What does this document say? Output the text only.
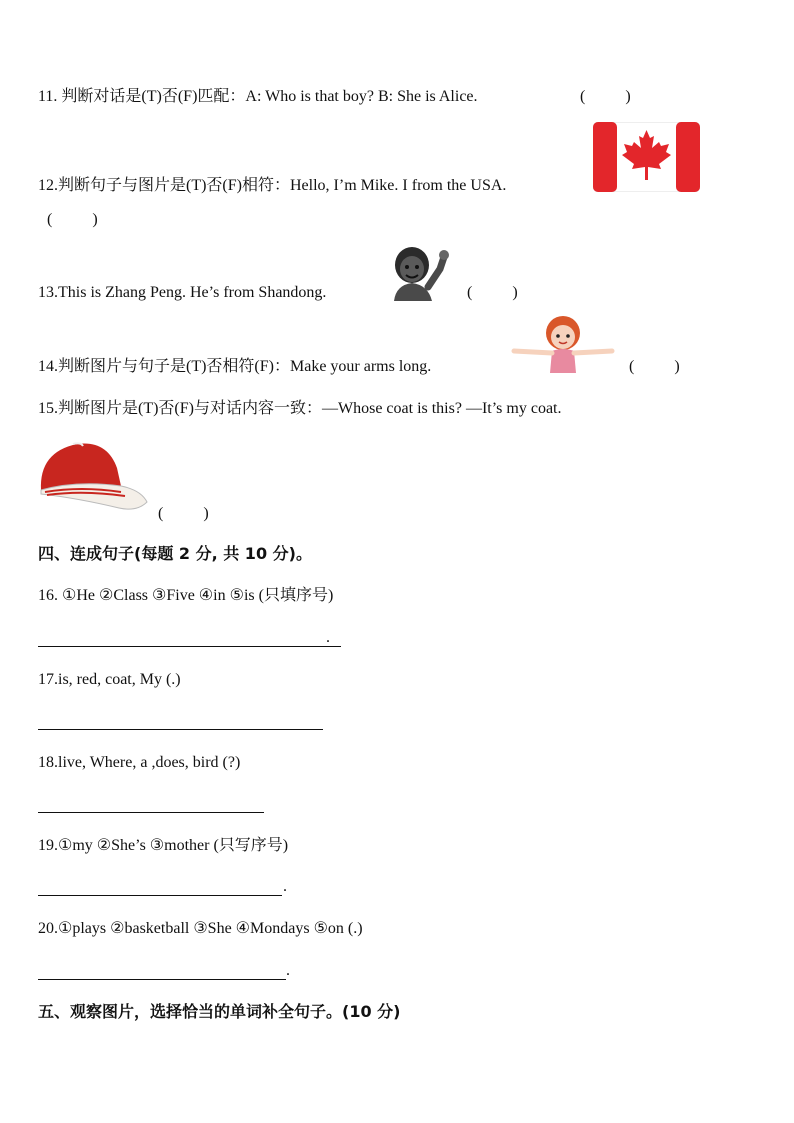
11. 判断对话是(T)否(F)匹配：A: Who is that boy? B: She is Alice.	(          )
12.判断句子与图片是(T)否(F)相符：Hello, I’m Mike. I from the USA.
(          )
13.This is Zhang Peng. He’s from Shandong.	(          )
14.判断图片与句子是(T)否相符(F)：Make your arms long.	(          )
15.判断图片是(T)否(F)与对话内容一致：—Whose coat is this? —It’s my coat.
(          )
四、连成句子(每题 2 分, 共 10 分)。
16. ①He ②Class ③Five ④in ⑤is (只填序号)
.
17.is, red, coat, My (.)
18.live, Where, a ,does, bird (?)
19.①my ②She’s ③mother (只写序号)
.
20.①plays ②basketball ③She ④Mondays ⑤on (.)
.
五、观察图片，选择恰当的单词补全句子。(10 分)
